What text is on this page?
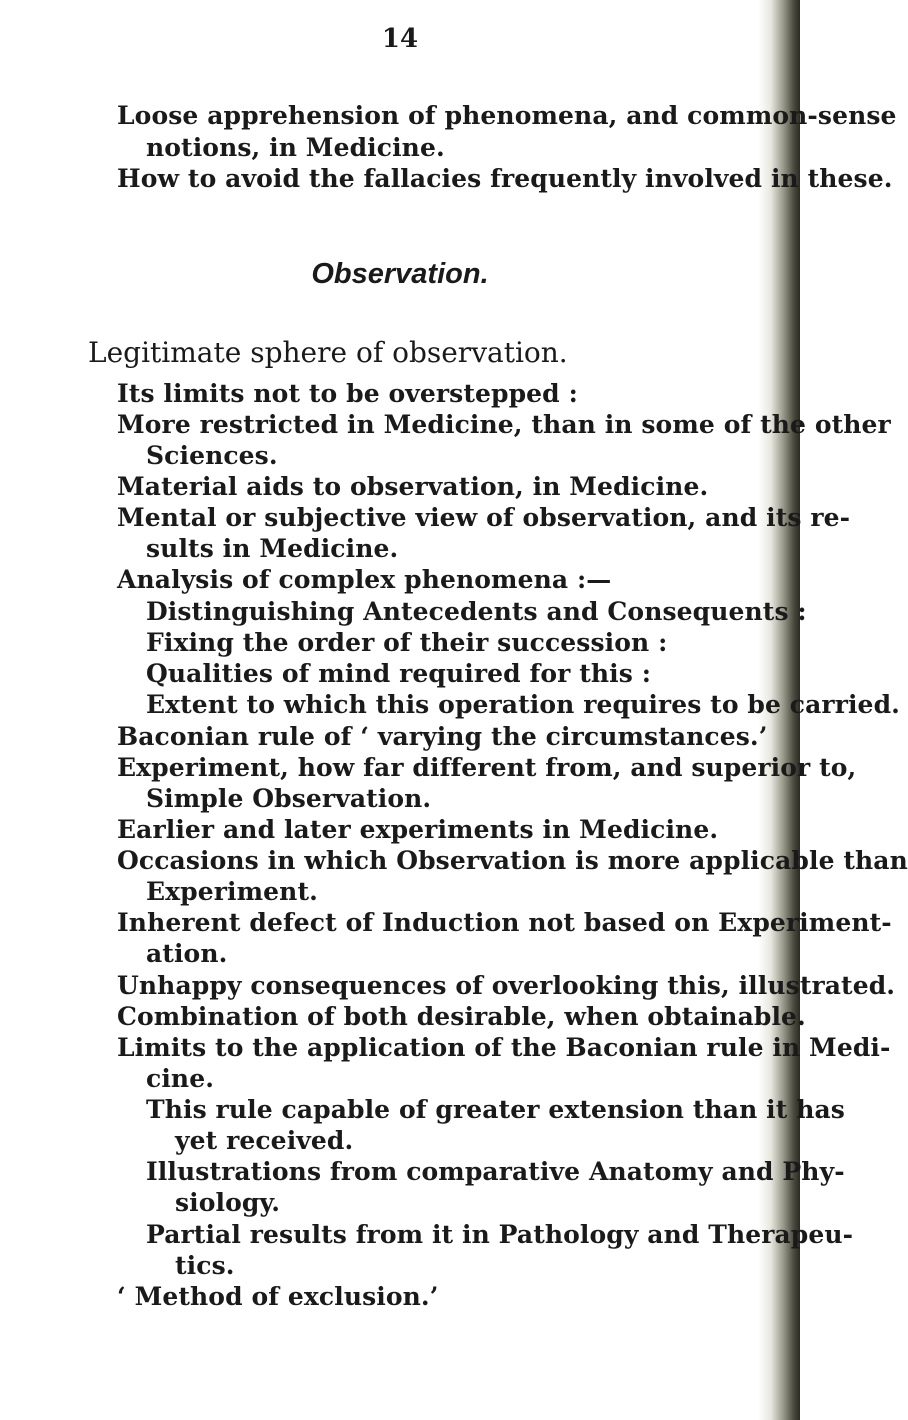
14
Loose apprehension of phenomena, and common-sense
notions, in Medicine.
How to avoid the fallacies frequently involved in these.
Observation.
Legitimate sphere of observation.
Its limits not to be overstepped :
More restricted in Medicine, than in some of the other
Sciences.
Material aids to observation, in Medicine.
Mental or subjective view of observation, and its re-
sults in Medicine.
Analysis of complex phenomena :—
Distinguishing Antecedents and Consequents :
Fixing the order of their succession :
Qualities of mind required for this :
Extent to which this operation requires to be carried.
Baconian rule of ‘ varying the circumstances.’
Experiment, how far different from, and superior to,
Simple Observation.
Earlier and later experiments in Medicine.
Occasions in which Observation is more applicable than
Experiment.
Inherent defect of Induction not based on Experiment-
ation.
Unhappy consequences of overlooking this, illustrated.
Combination of both desirable, when obtainable.
Limits to the application of the Baconian rule in Medi-
cine.
This rule capable of greater extension than it has
yet received.
Illustrations from comparative Anatomy and Phy-
siology.
Partial results from it in Pathology and Therapeu-
tics.
‘ Method of exclusion.’
